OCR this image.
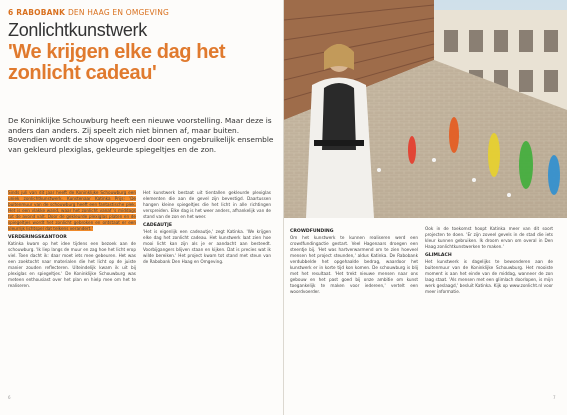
6 RABOBANK DEN HAAG EN OMGEVING
Zonlichtkunstwerk
'We krijgen elke dag het zonlicht cadeau'
De Koninklijke Schouwburg heeft een nieuwe voorstelling. Maar deze is anders dan anders. Zij speelt zich niet binnen af, maar buiten. Bovendien wordt de show opgevoerd door een ongebruikelijk ensemble van gekleurd plexiglas, gekleurde spiegeltjes en de zon.
Sinds juli van dit jaar heeft de Koninklijke Schouwburg een uniek zonlichtkunstwerk. Kunstenaar Katinka Prijs: 'De buitenmuur van de schouwburg heeft een fantastische plek. Het is een vlakke wand, waar het zonlicht vanaf 's middags tot de avond valt. Door de gekleurde plexiglas platen en de spiegeltjes wordt het zonlicht gebroken en ontstaat er een kleurrijk lichtspel dat telkens verandert.'
VERDERINGSKANTOOR
Katinka kwam op het idee tijdens een bezoek aan de schouwburg. 'Ik liep langs de muur en zag hoe het licht erop viel. Toen dacht ik: daar moet iets mee gebeuren. Het was een zoektocht naar materialen die het licht op de juiste manier zouden reflecteren. Uiteindelijk kwam ik uit bij plexiglas en spiegeltjes.' De Koninklijke Schouwburg was meteen enthousiast over het plan en hielp mee om het te realiseren.
Het kunstwerk bestaat uit tientallen gekleurde plexiglas elementen die aan de gevel zijn bevestigd. Daartussen hangen kleine spiegeltjes die het licht in alle richtingen verspreiden. Elke dag is het weer anders, afhankelijk van de stand van de zon en het weer.
CADEAUTJE
'Het is eigenlijk een cadeautje,' zegt Katinka. 'We krijgen elke dag het zonlicht cadeau. Het kunstwerk laat zien hoe mooi licht kan zijn als je er aandacht aan besteedt. Voorbijgangers blijven staan en kijken. Dat is precies wat ik wilde bereiken.' Het project kwam tot stand met steun van de Rabobank Den Haag en Omgeving.
6	7
CROWDFUNDING
Om het kunstwerk te kunnen realiseren werd een crowdfundingactie gestart. Veel Hagenaars droegen een steentje bij. 'Het was hartverwarmend om te zien hoeveel mensen het project steunden,' aldus Katinka. De Rabobank verdubbelde het opgehaalde bedrag, waardoor het kunstwerk er in korte tijd kon komen. De schouwburg is blij met het resultaat. 'Het trekt nieuwe mensen naar ons gebouw en het past goed bij onze ambitie om kunst toegankelijk te maken voor iedereen,' vertelt een woordvoerder.
Ook in de toekomst hoopt Katinka meer van dit soort projecten te doen. 'Er zijn zoveel gevels in de stad die iets kleur kunnen gebruiken. Ik droom ervan om overal in Den Haag zonlichtkunstwerken te maken.'
GLIMLACH
Het kunstwerk is dagelijks te bewonderen aan de buitenmuur van de Koninklijke Schouwburg. Het mooiste moment is aan het einde van de middag, wanneer de zon laag staat. 'Als mensen met een glimlach doorlopen, is mijn werk geslaagd,' besluit Katinka. Kijk op www.zonlicht.nl voor meer informatie.
